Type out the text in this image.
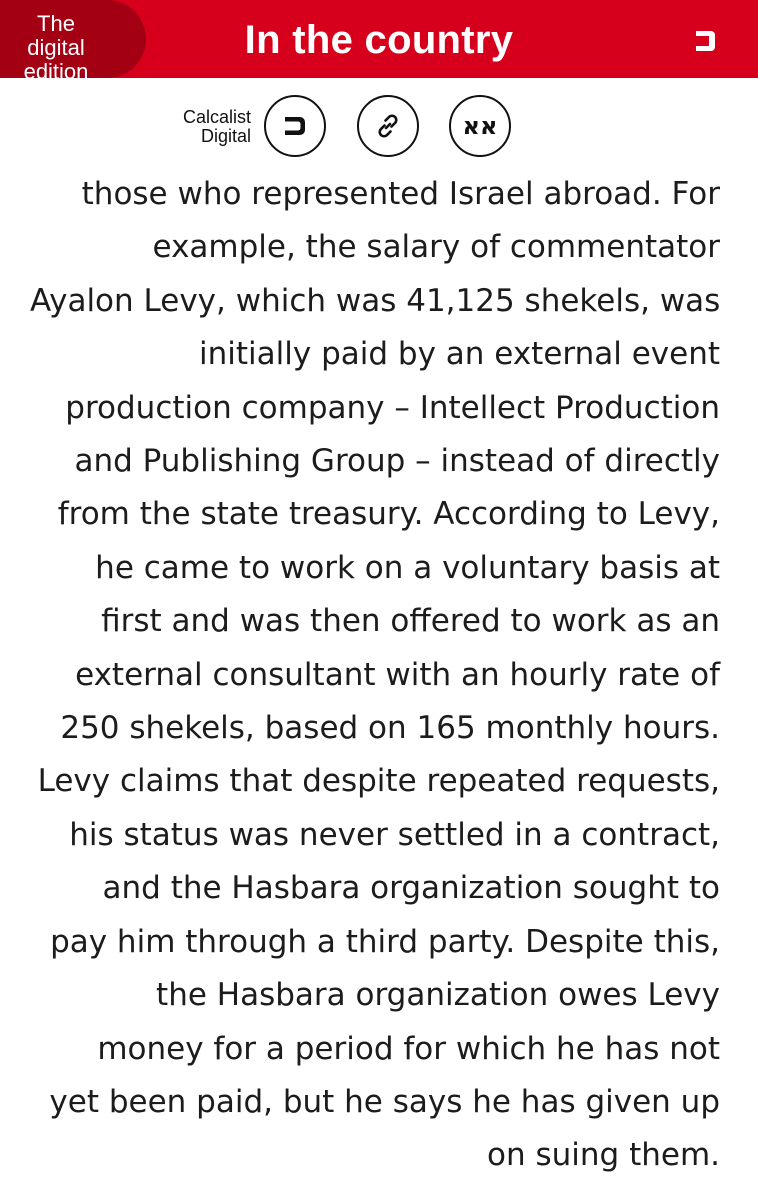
The
digital
edition
In the country
Calcalist
Digital	אא
those who represented Israel abroad. For
example, the salary of commentator
Ayalon Levy, which was 41,125 shekels, was
initially paid by an external event
production company – Intellect Production
and Publishing Group – instead of directly
from the state treasury. According to Levy,
he came to work on a voluntary basis at
first and was then offered to work as an
external consultant with an hourly rate of
250 shekels, based on 165 monthly hours.
Levy claims that despite repeated requests,
his status was never settled in a contract,
and the Hasbara organization sought to
pay him through a third party. Despite this,
the Hasbara organization owes Levy
money for a period for which he has not
yet been paid, but he says he has given up
on suing them.
